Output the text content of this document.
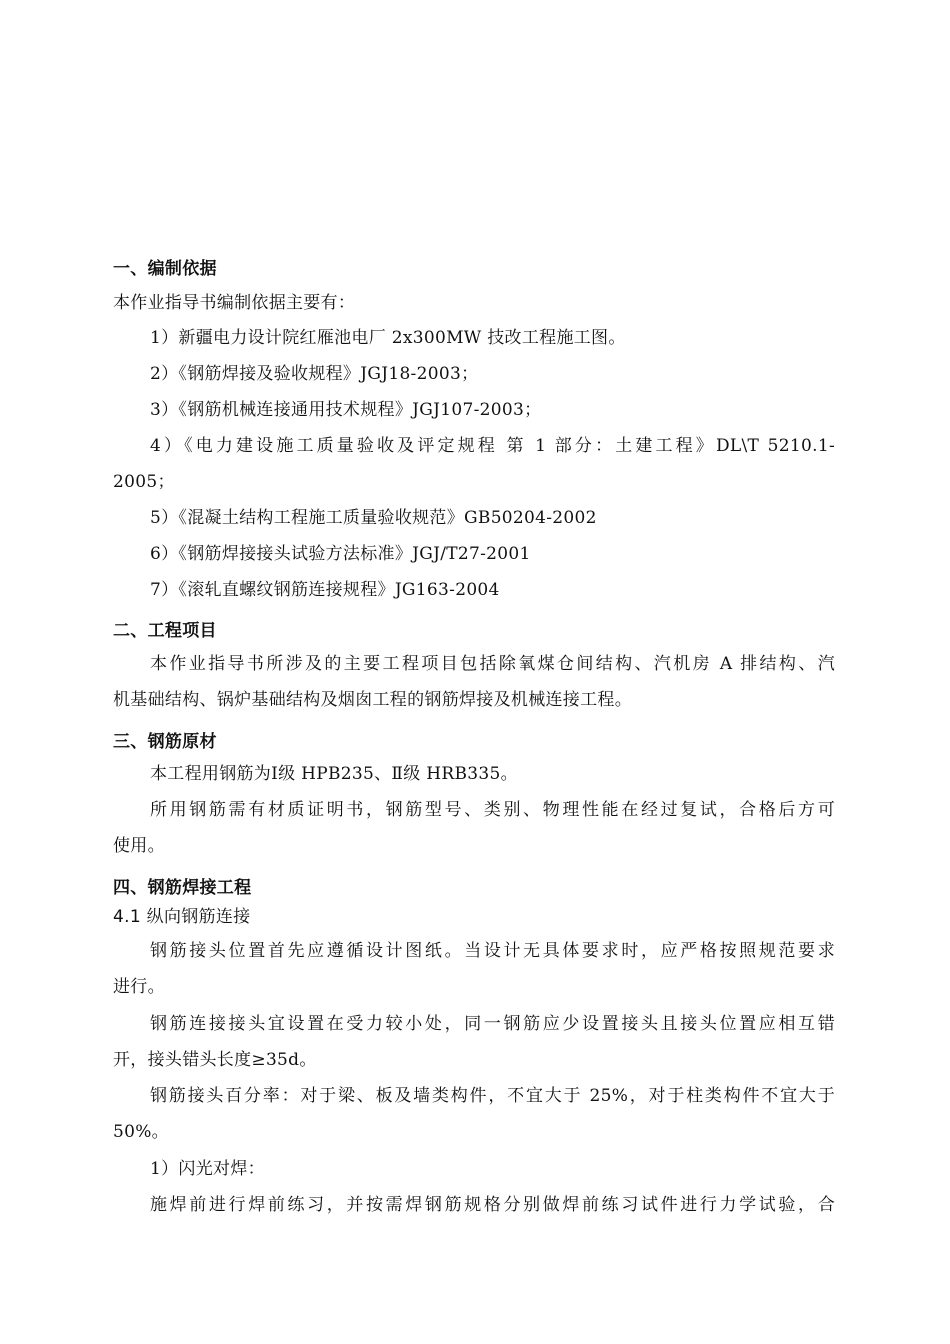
一、编制依据
本作业指导书编制依据主要有：
1）新疆电力设计院红雁池电厂 2x300MW 技改工程施工图。
2）《钢筋焊接及验收规程》JGJ18-2003；
3）《钢筋机械连接通用技术规程》JGJ107-2003；
4）《电力建设施工质量验收及评定规程 第 1 部分：土建工程》DL\T 5210.1-
2005；
5）《混凝土结构工程施工质量验收规范》GB50204-2002
6）《钢筋焊接接头试验方法标准》JGJ/T27-2001
7）《滚轧直螺纹钢筋连接规程》JG163-2004
二、工程项目
本作业指导书所涉及的主要工程项目包括除氧煤仓间结构、汽机房 A 排结构、汽
机基础结构、锅炉基础结构及烟囱工程的钢筋焊接及机械连接工程。
三、钢筋原材
本工程用钢筋为Ⅰ级 HPB235、Ⅱ级 HRB335。
所用钢筋需有材质证明书，钢筋型号、类别、物理性能在经过复试，合格后方可
使用。
四、钢筋焊接工程
4.1 纵向钢筋连接
钢筋接头位置首先应遵循设计图纸。当设计无具体要求时，应严格按照规范要求
进行。
钢筋连接接头宜设置在受力较小处，同一钢筋应少设置接头且接头位置应相互错
开，接头错头长度≥35d。
钢筋接头百分率：对于梁、板及墙类构件，不宜大于 25%，对于柱类构件不宜大于
50%。
1）闪光对焊：
施焊前进行焊前练习，并按需焊钢筋规格分别做焊前练习试件进行力学试验，合
